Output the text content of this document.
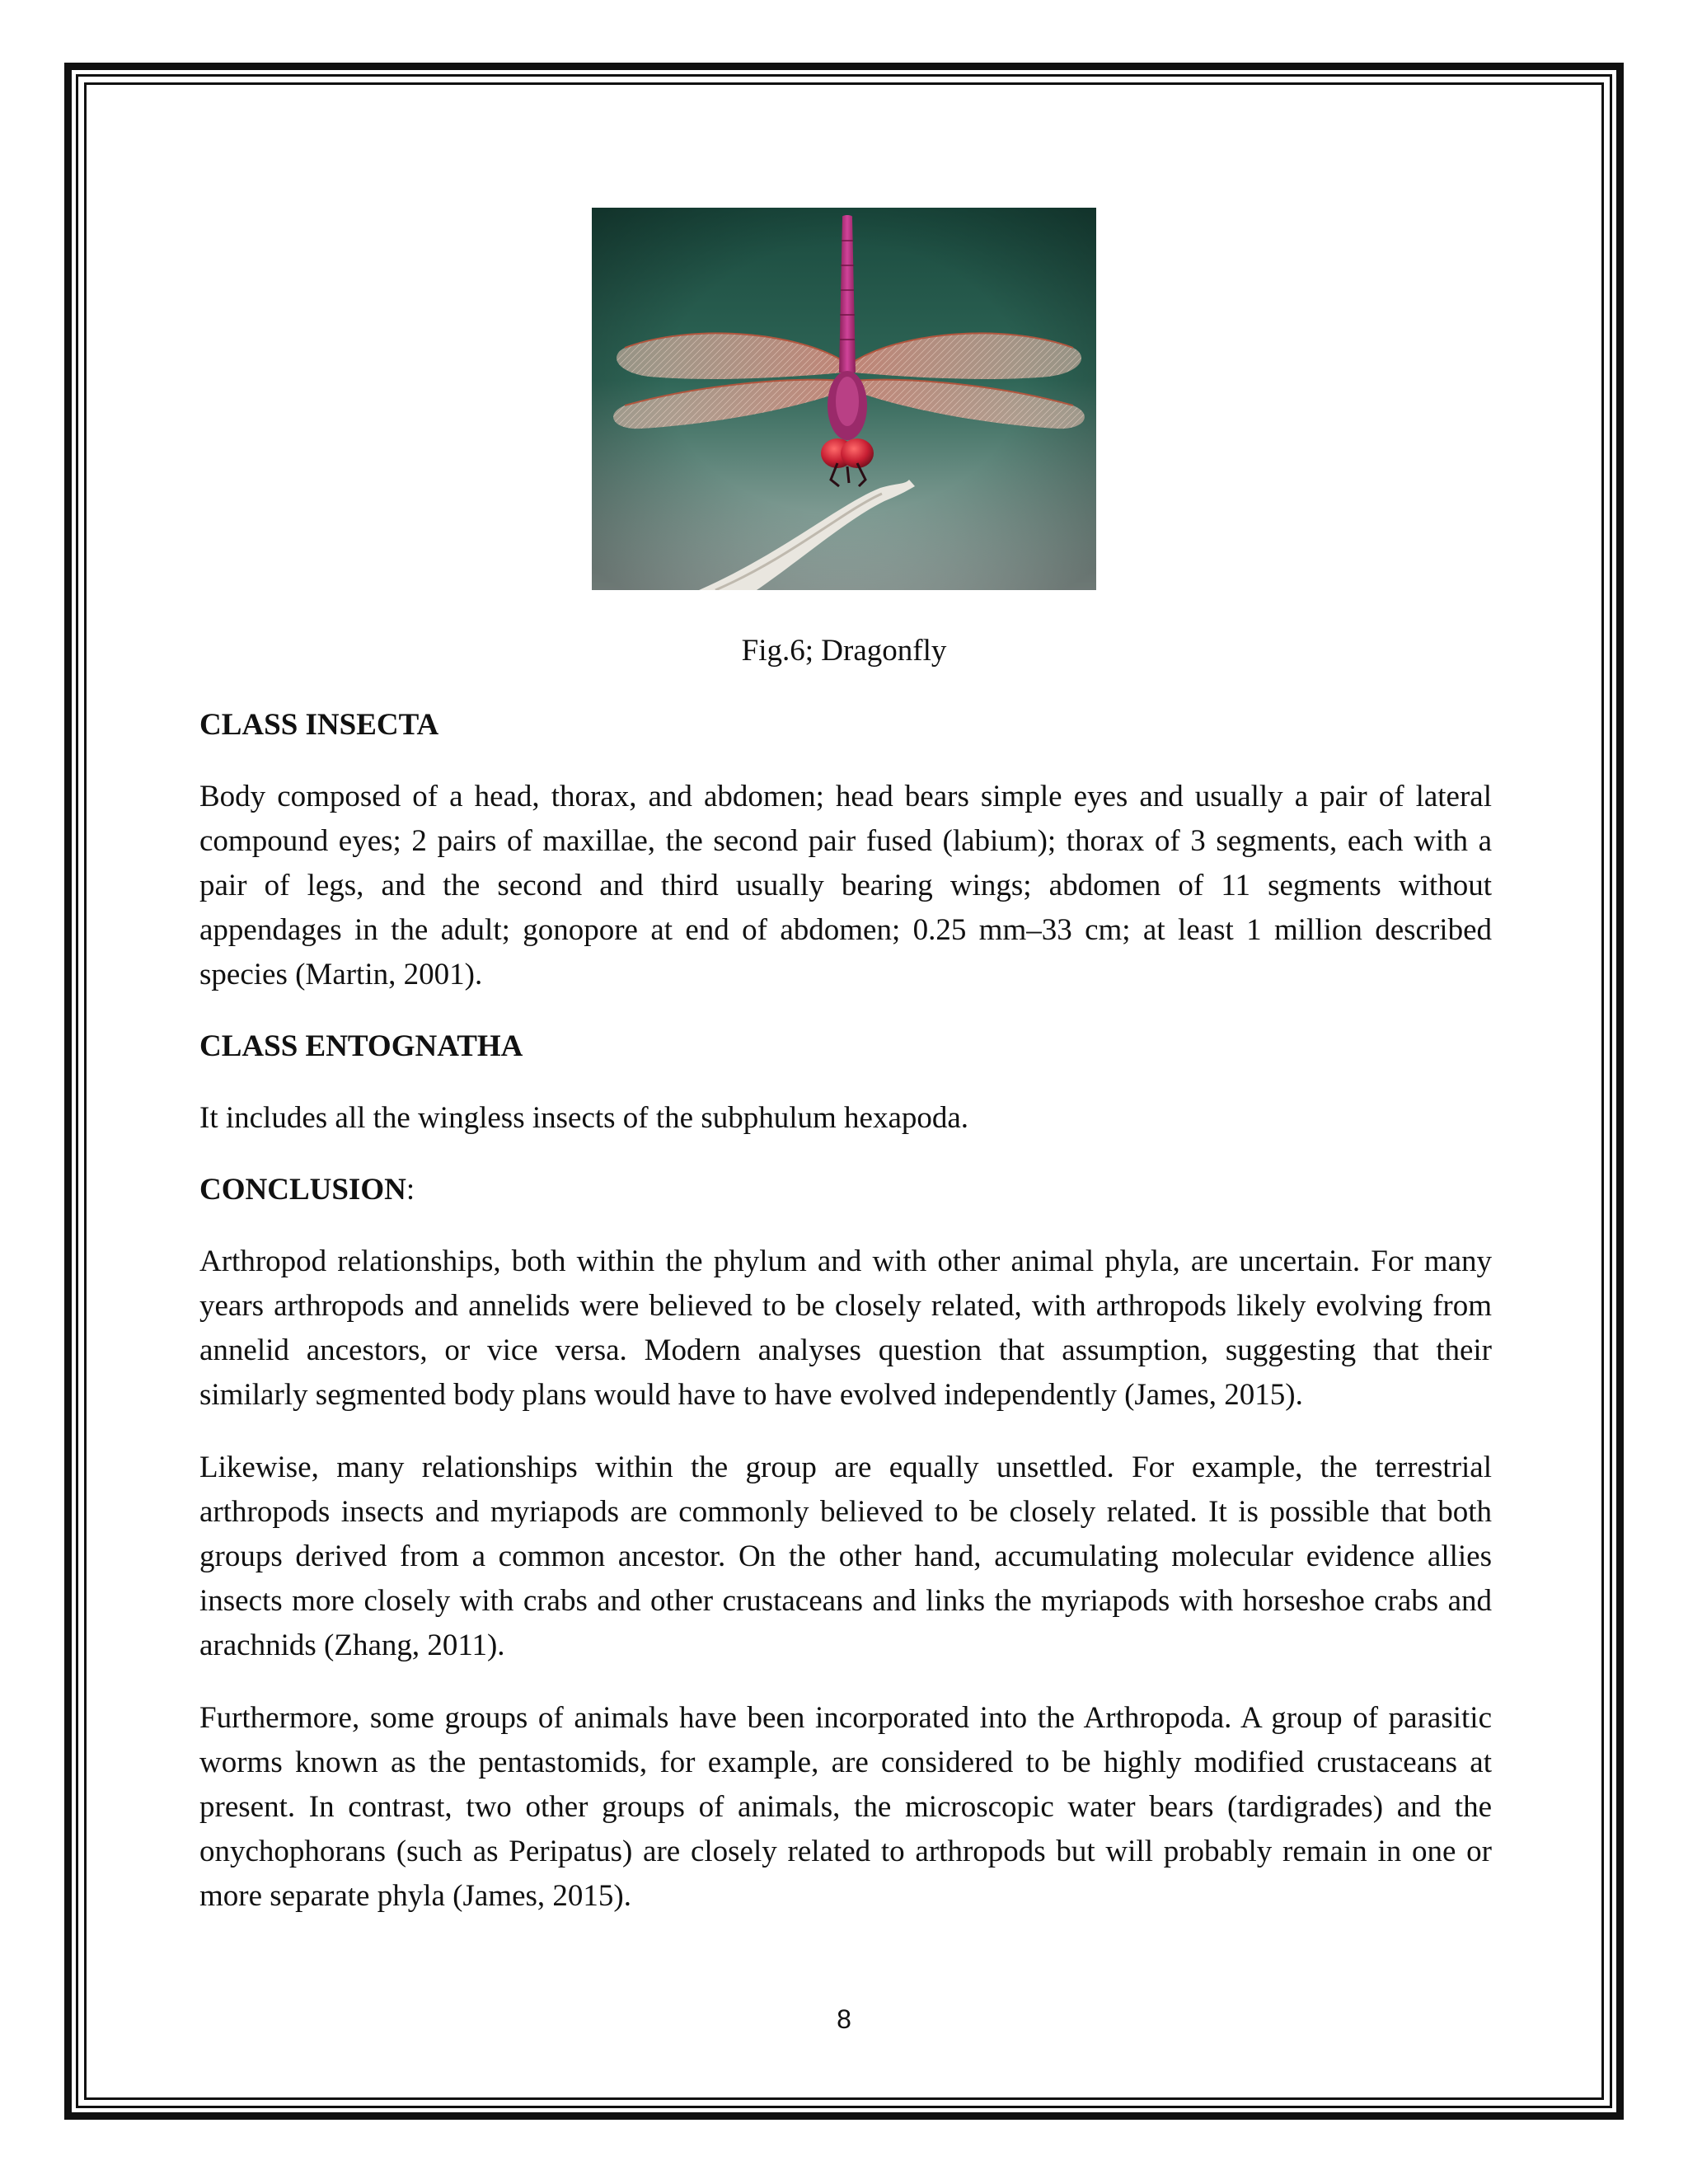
Fig.6; Dragonfly
CLASS INSECTA

Body composed of a head, thorax, and abdomen; head bears simple eyes and usually a pair of lateral compound eyes; 2 pairs of maxillae, the second pair fused (labium); thorax of 3 segments, each with a pair of legs, and the second and third usually bearing wings; abdomen of 11 segments without appendages in the adult; gonopore at end of abdomen; 0.25 mm–33 cm; at least 1 million described species (Martin, 2001).

CLASS ENTOGNATHA

It includes all the wingless insects of the subphulum hexapoda.

CONCLUSION:

Arthropod relationships, both within the phylum and with other animal phyla, are uncertain. For many years arthropods and annelids were believed to be closely related, with arthropods likely evolving from annelid ancestors, or vice versa. Modern analyses question that assumption, suggesting that their similarly segmented body plans would have to have evolved independently (James, 2015).

Likewise, many relationships within the group are equally unsettled. For example, the terrestrial arthropods insects and myriapods are commonly believed to be closely related. It is possible that both groups derived from a common ancestor. On the other hand, accumulating molecular evidence allies insects more closely with crabs and other crustaceans and links the myriapods with horseshoe crabs and arachnids (Zhang, 2011).

Furthermore, some groups of animals have been incorporated into the Arthropoda. A group of parasitic worms known as the pentastomids, for example, are considered to be highly modified crustaceans at present. In contrast, two other groups of animals, the microscopic water bears (tardigrades) and the onychophorans (such as Peripatus) are closely related to arthropods but will probably remain in one or more separate phyla (James, 2015).

8
